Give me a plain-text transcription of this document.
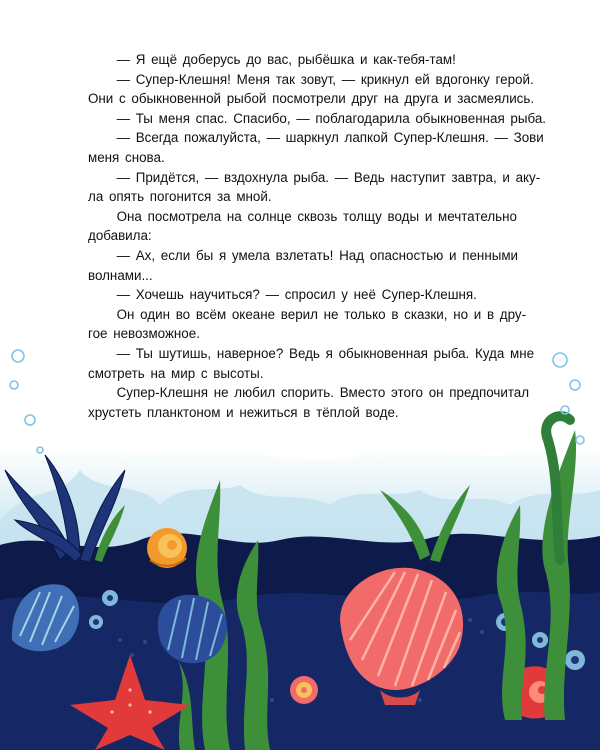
— Я ещё доберусь до вас, рыбёшка и как-тебя-там!
— Супер-Клешня! Меня так зовут, — крикнул ей вдогонку герой.
Они с обыкновенной рыбой посмотрели друг на друга и засмеялись.
— Ты меня спас. Спасибо, — поблагодарила обыкновенная рыба.
— Всегда пожалуйста, — шаркнул лапкой Супер-Клешня. — Зови
меня снова.
— Придётся, — вздохнула рыба. — Ведь наступит завтра, и аку-
ла опять погонится за мной.
Она посмотрела на солнце сквозь толщу воды и мечтательно
добавила:
— Ах, если бы я умела взлетать! Над опасностью и пенными
волнами...
— Хочешь научиться? — спросил у неё Супер-Клешня.
Он один во всём океане верил не только в сказки, но и в дру-
гое невозможное.
— Ты шутишь, наверное? Ведь я обыкновенная рыба. Куда мне
смотреть на мир с высоты.
Супер-Клешня не любил спорить. Вместо этого он предпочитал
хрустеть планктоном и нежиться в тёплой воде.
